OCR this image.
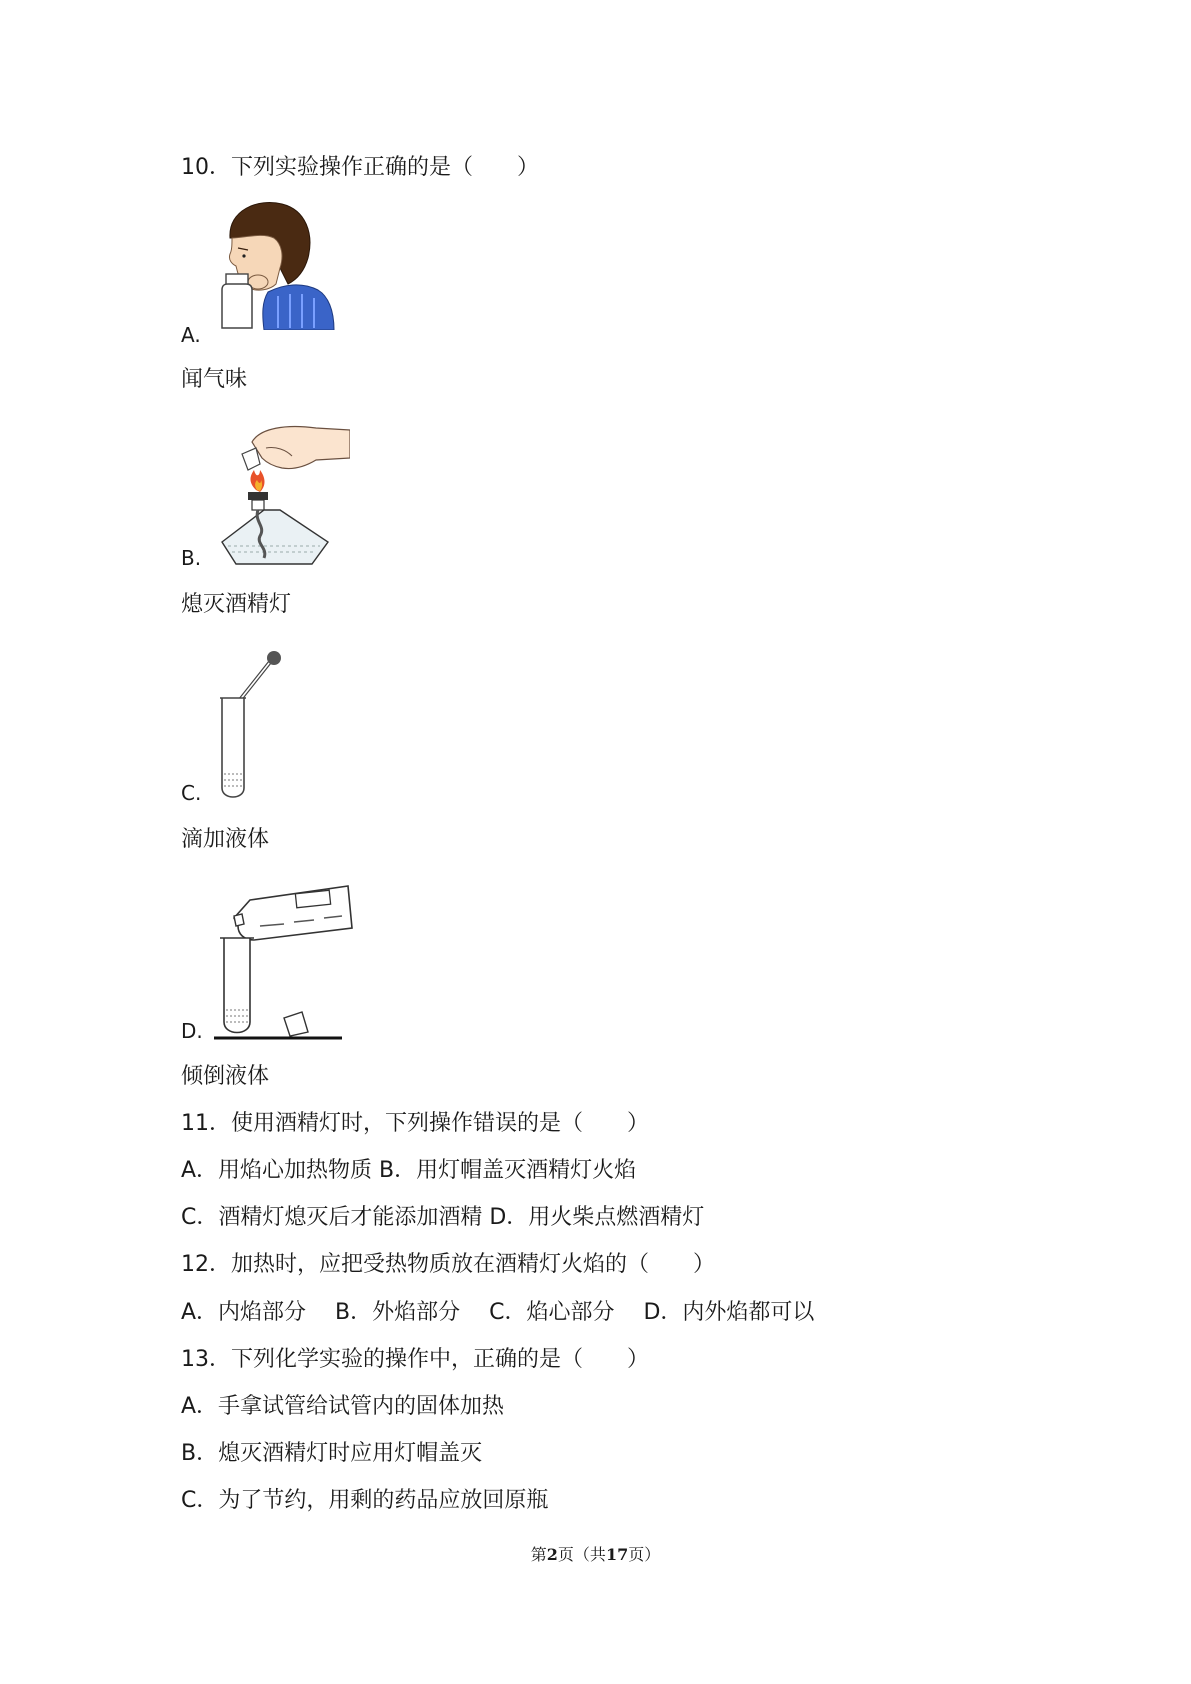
10．下列实验操作正确的是（　　）
A.
闻气味
B.
熄灭酒精灯
C.
滴加液体
D.
倾倒液体
11．使用酒精灯时，下列操作错误的是（　　）
A．用焰心加热物质 B．用灯帽盖灭酒精灯火焰
C．酒精灯熄灭后才能添加酒精 D．用火柴点燃酒精灯
12．加热时，应把受热物质放在酒精灯火焰的（　　）
A．内焰部分　 B．外焰部分　 C．焰心部分　 D．内外焰都可以
13．下列化学实验的操作中，正确的是（　　）
A．手拿试管给试管内的固体加热
B．熄灭酒精灯时应用灯帽盖灭
C．为了节约，用剩的药品应放回原瓶
第2页（共17页）
